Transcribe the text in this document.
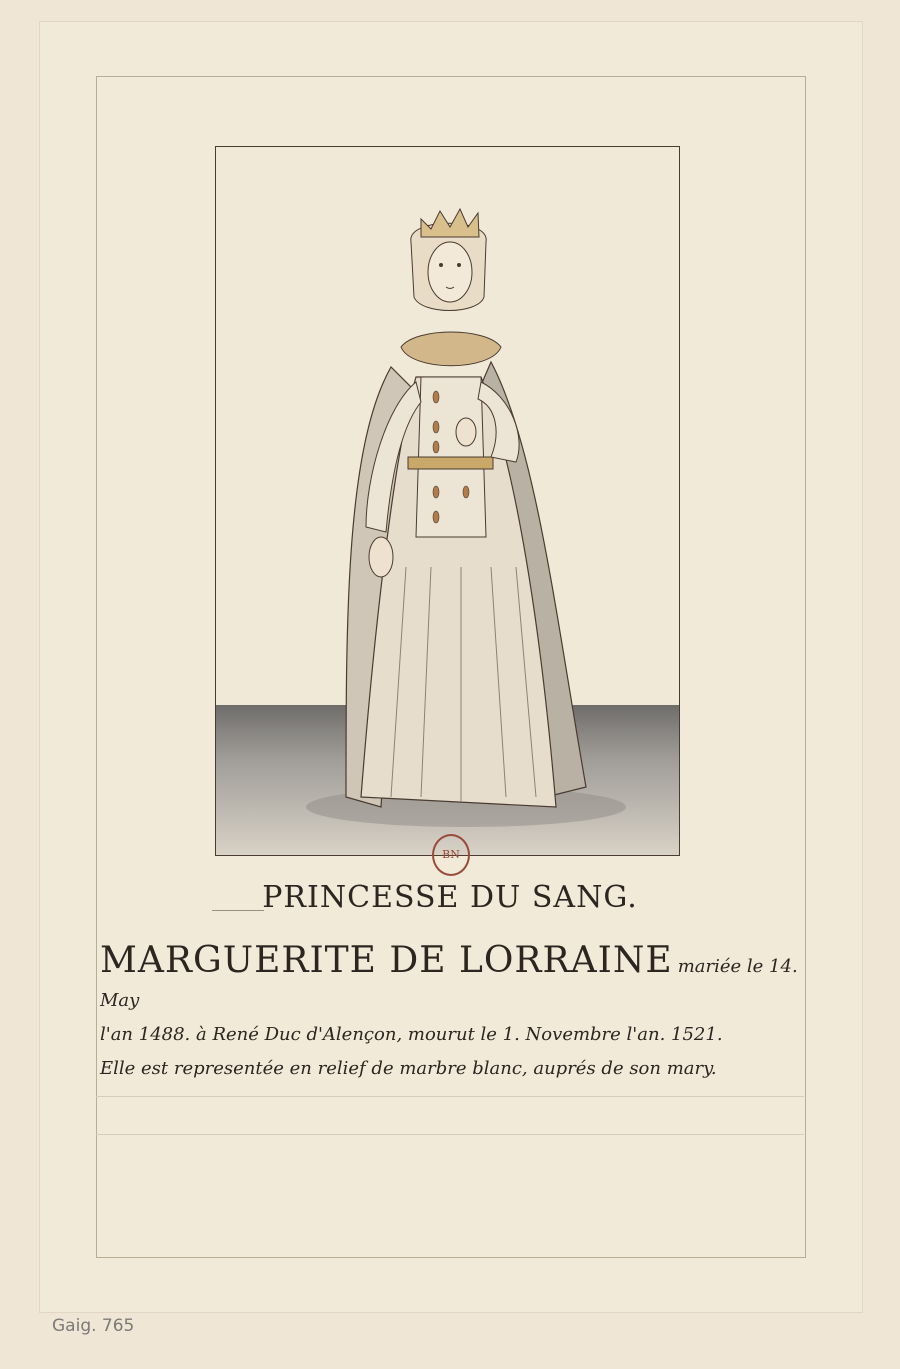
BN
PRINCESSE DU SANG.
MARGUERITE DE LORRAINE mariée le 14. May
l'an 1488. à René Duc d'Alençon, mourut le 1. Novembre l'an. 1521.
Elle est representée en relief de marbre blanc, auprés de son mary.
Gaig. 765
